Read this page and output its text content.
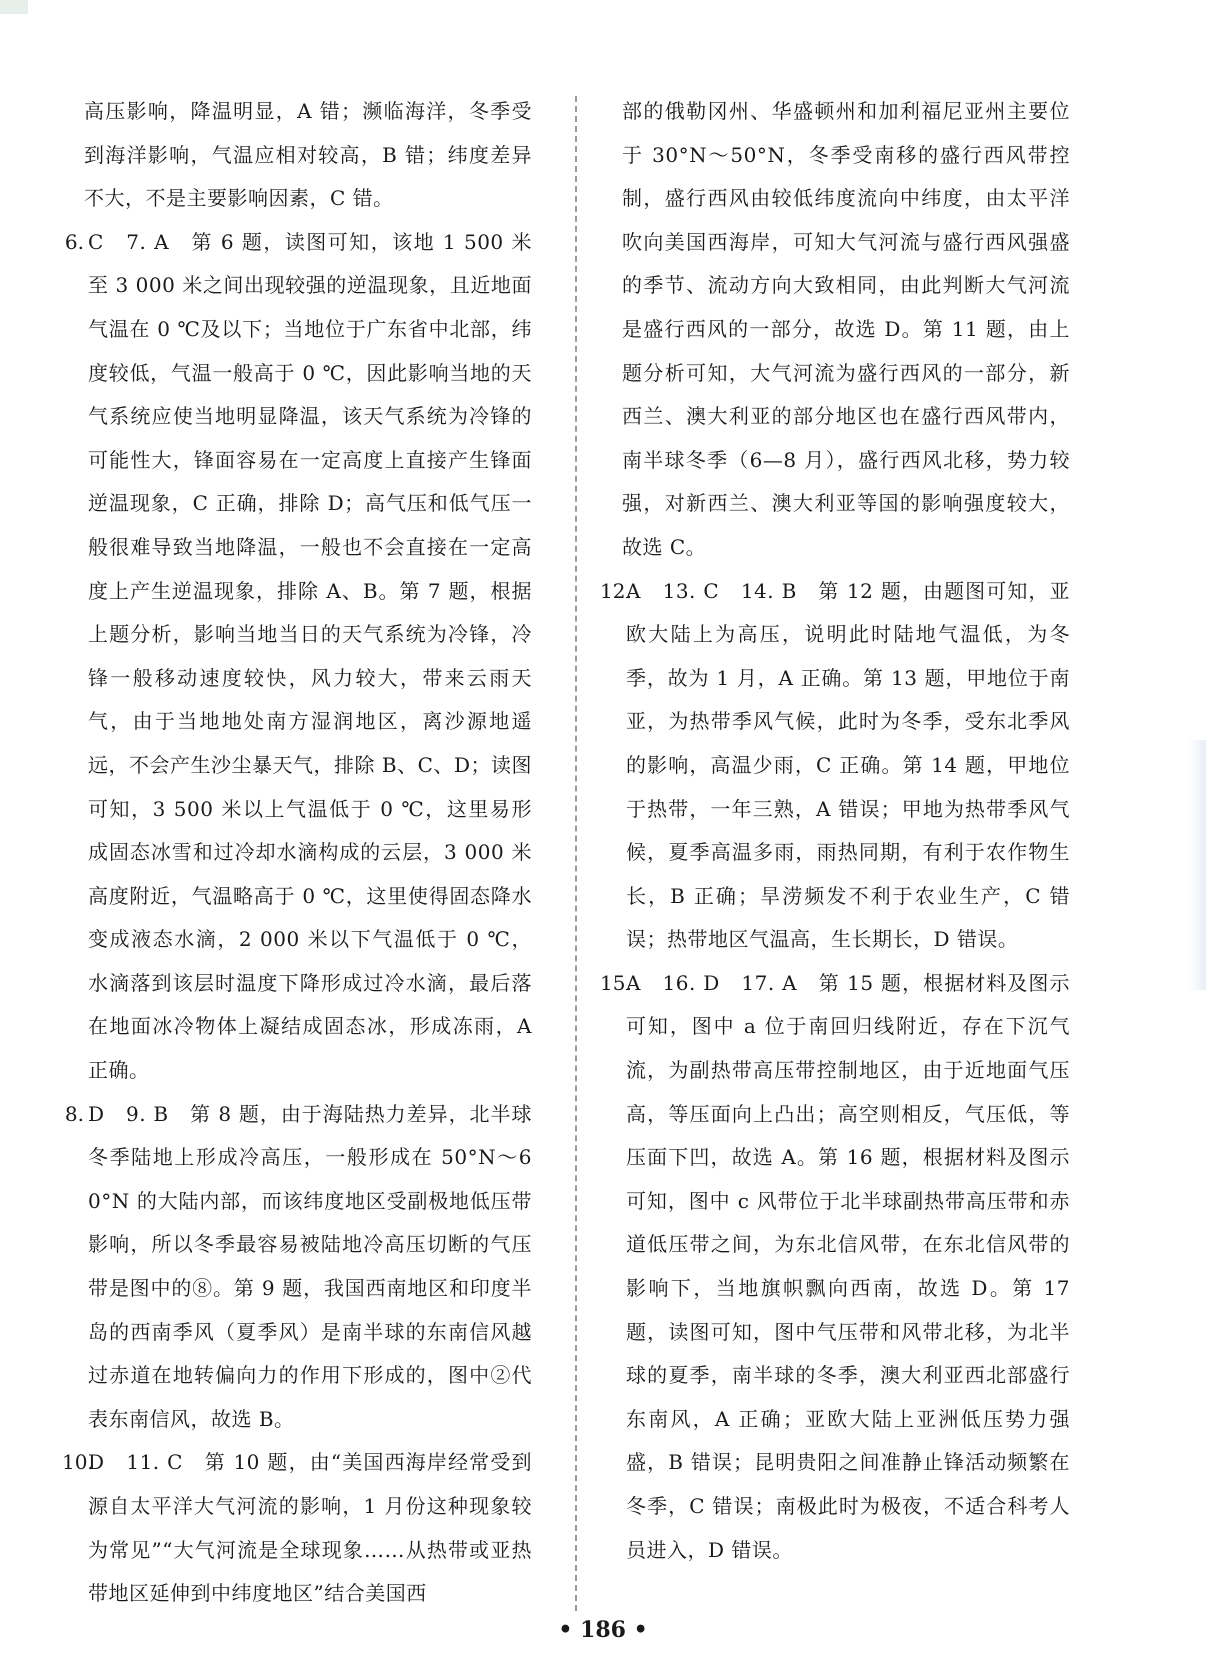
高压影响，降温明显，A 错；濒临海洋，冬季受到海洋影响，气温应相对较高，B 错；纬度差异不大，不是主要影响因素，C 错。
6. C　7. A　第 6 题，读图可知，该地 1 500 米至 3 000 米之间出现较强的逆温现象，且近地面气温在 0 ℃及以下；当地位于广东省中北部，纬度较低，气温一般高于 0 ℃，因此影响当地的天气系统应使当地明显降温，该天气系统为冷锋的可能性大，锋面容易在一定高度上直接产生锋面逆温现象，C 正确，排除 D；高气压和低气压一般很难导致当地降温，一般也不会直接在一定高度上产生逆温现象，排除 A、B。第 7 题，根据上题分析，影响当地当日的天气系统为冷锋，冷锋一般移动速度较快，风力较大，带来云雨天气，由于当地地处南方湿润地区，离沙源地遥远，不会产生沙尘暴天气，排除 B、C、D；读图可知，3 500 米以上气温低于 0 ℃，这里易形成固态冰雪和过冷却水滴构成的云层，3 000 米高度附近，气温略高于 0 ℃，这里使得固态降水变成液态水滴，2 000 米以下气温低于 0 ℃，水滴落到该层时温度下降形成过冷水滴，最后落在地面冰冷物体上凝结成固态冰，形成冻雨，A 正确。
8. D　9. B　第 8 题，由于海陆热力差异，北半球冬季陆地上形成冷高压，一般形成在 50°N～60°N 的大陆内部，而该纬度地区受副极地低压带影响，所以冬季最容易被陆地冷高压切断的气压带是图中的⑧。第 9 题，我国西南地区和印度半岛的西南季风（夏季风）是南半球的东南信风越过赤道在地转偏向力的作用下形成的，图中②代表东南信风，故选 B。
10.
D　11. C　第 10 题，由“美国西海岸经常受到源自太平洋大气河流的影响，1 月份这种现象较为常见”“大气河流是全球现象……从热带或亚热带地区延伸到中纬度地区”结合美国西
部的俄勒冈州、华盛顿州和加利福尼亚州主要位于 30°N～50°N，冬季受南移的盛行西风带控制，盛行西风由较低纬度流向中纬度，由太平洋吹向美国西海岸，可知大气河流与盛行西风强盛的季节、流动方向大致相同，由此判断大气河流是盛行西风的一部分，故选 D。第 11 题，由上题分析可知，大气河流为盛行西风的一部分，新西兰、澳大利亚的部分地区也在盛行西风带内，南半球冬季（6—8 月），盛行西风北移，势力较强，对新西兰、澳大利亚等国的影响强度较大，故选 C。
12.
A　13. C　14. B　第 12 题，由题图可知，亚欧大陆上为高压，说明此时陆地气温低，为冬季，故为 1 月，A 正确。第 13 题，甲地位于南亚，为热带季风气候，此时为冬季，受东北季风的影响，高温少雨，C 正确。第 14 题，甲地位于热带，一年三熟，A 错误；甲地为热带季风气候，夏季高温多雨，雨热同期，有利于农作物生长，B 正确；旱涝频发不利于农业生产，C 错误；热带地区气温高，生长期长，D 错误。
15.
A　16. D　17. A　第 15 题，根据材料及图示可知，图中 a 位于南回归线附近，存在下沉气流，为副热带高压带控制地区，由于近地面气压高，等压面向上凸出；高空则相反，气压低，等压面下凹，故选 A。第 16 题，根据材料及图示可知，图中 c 风带位于北半球副热带高压带和赤道低压带之间，为东北信风带，在东北信风带的影响下，当地旗帜飘向西南，故选 D。第 17 题，读图可知，图中气压带和风带北移，为北半球的夏季，南半球的冬季，澳大利亚西北部盛行东南风，A 正确；亚欧大陆上亚洲低压势力强盛，B 错误；昆明贵阳之间准静止锋活动频繁在冬季，C 错误；南极此时为极夜，不适合科考人员进入，D 错误。
• 186 •
